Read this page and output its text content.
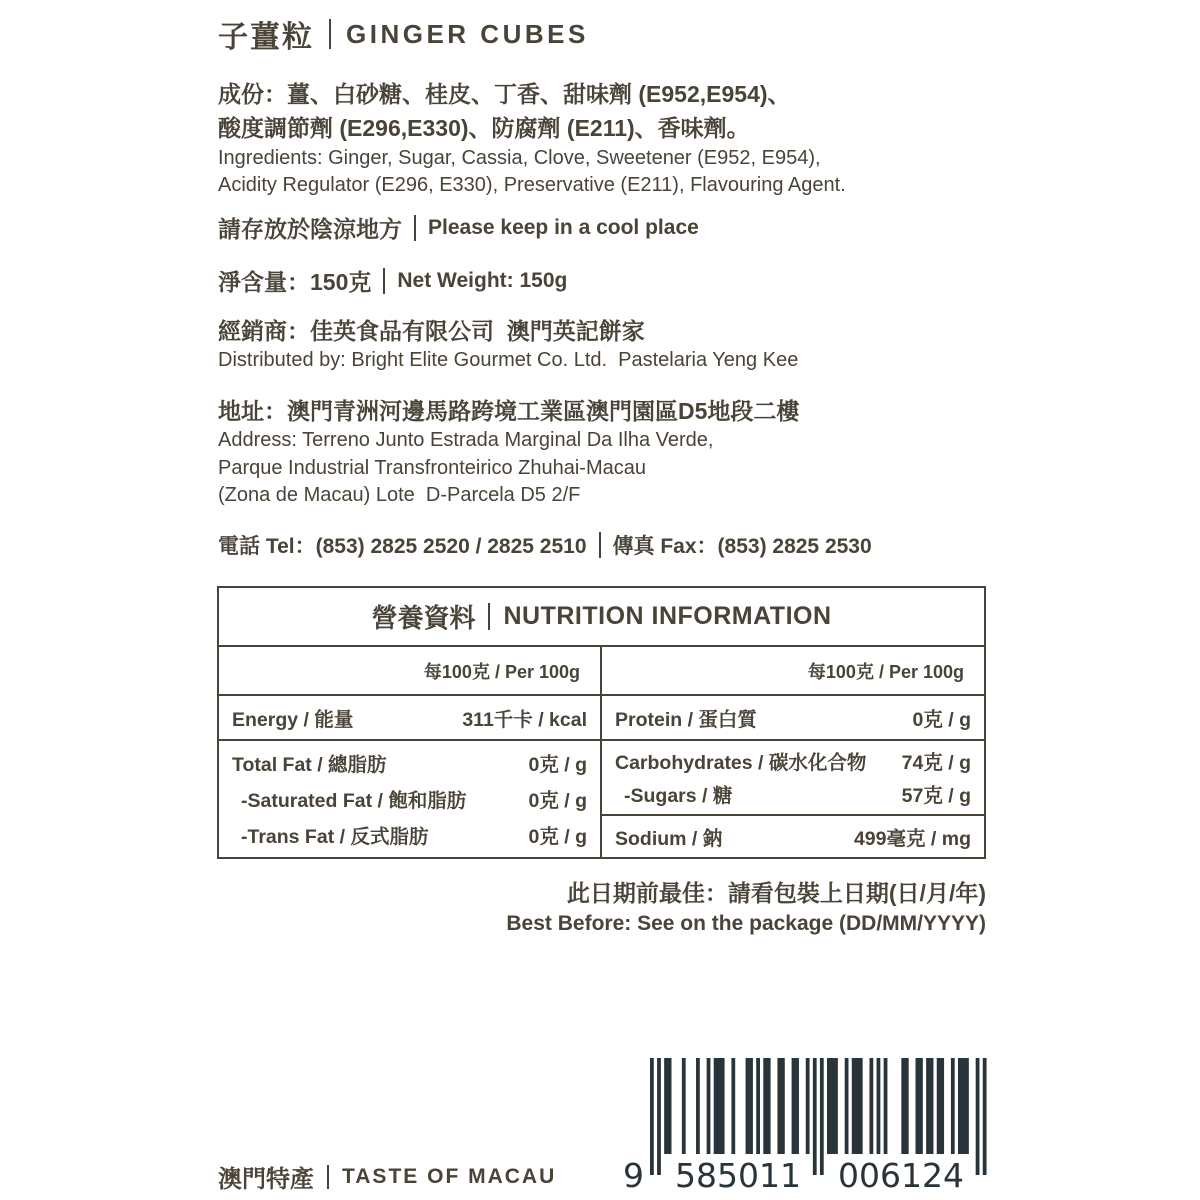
子薑粒 GINGER CUBES
成份：薑、白砂糖、桂皮、丁香、甜味劑 (E952,E954)、
酸度調節劑 (E296,E330)、防腐劑 (E211)、香味劑。
Ingredients: Ginger, Sugar, Cassia, Clove, Sweetener (E952, E954),
Acidity Regulator (E296, E330), Preservative (E211), Flavouring Agent.
請存放於陰涼地方 Please keep in a cool place
淨含量：150克 Net Weight: 150g
經銷商：佳英食品有限公司  澳門英記餅家
Distributed by: Bright Elite Gourmet Co. Ltd.  Pastelaria Yeng Kee
地址：澳門青洲河邊馬路跨境工業區澳門園區D5地段二樓
Address: Terreno Junto Estrada Marginal Da Ilha Verde,
Parque Industrial Transfronteirico Zhuhai-Macau
(Zona de Macau) Lote  D-Parcela D5 2/F
電話 Tel：(853) 2825 2520 / 2825 2510 傳真 Fax：(853) 2825 2530
營養資料 NUTRITION INFORMATION
每100克 / Per 100g
Energy / 能量	311千卡 / kcal
Total Fat / 總脂肪	0克 / g
-Saturated Fat / 飽和脂肪	0克 / g
-Trans Fat / 反式脂肪	0克 / g
每100克 / Per 100g
Protein / 蛋白質	0克 / g
Carbohydrates / 碳水化合物 74克 / g
-Sugars / 糖	57克 / g
Sodium / 鈉	499毫克 / mg
此日期前最佳：請看包裝上日期(日/月/年)
Best Before: See on the package (DD/MM/YYYY)
9 585011 006124
澳門特產 TASTE OF MACAU
